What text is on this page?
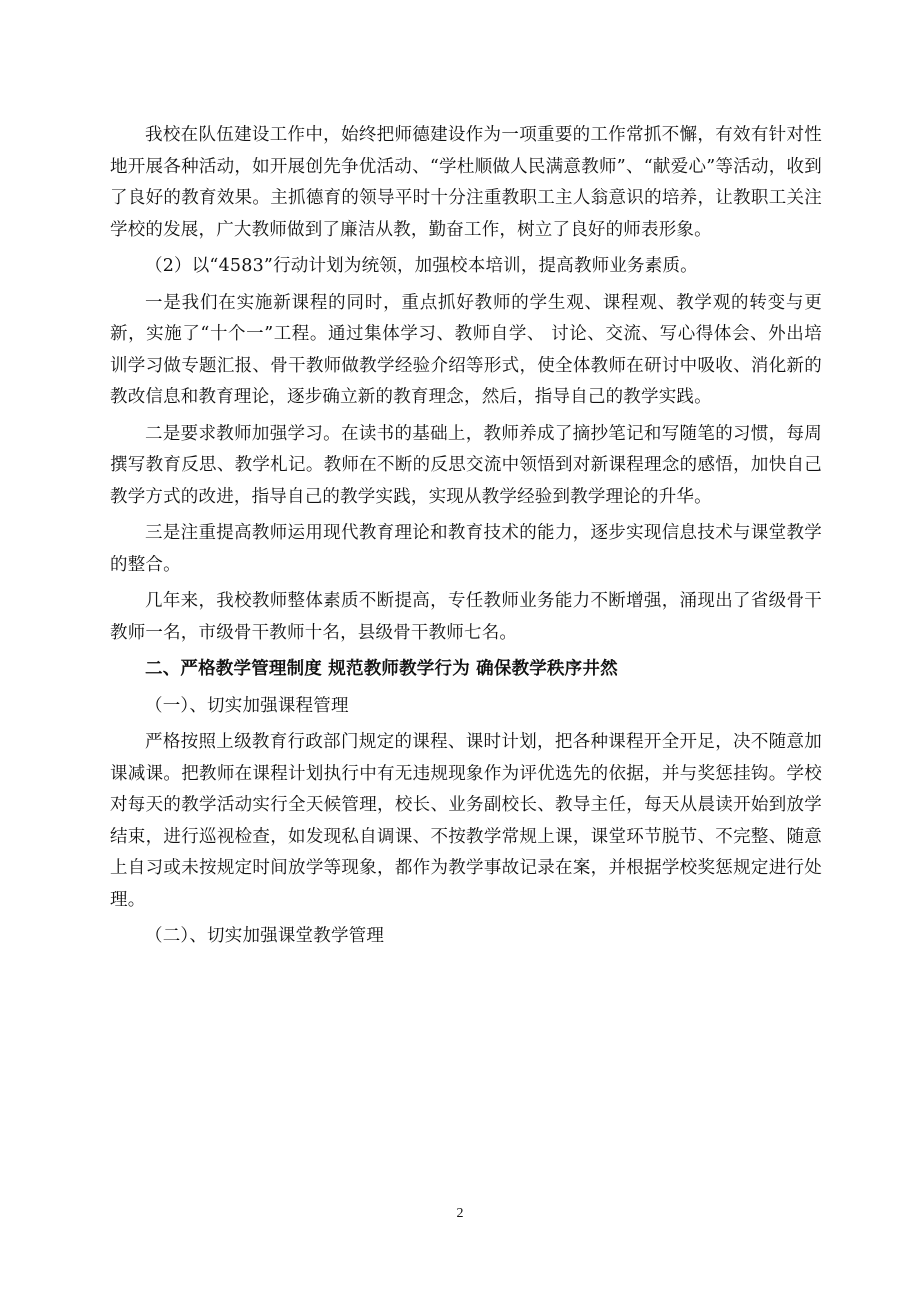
我校在队伍建设工作中，始终把师德建设作为一项重要的工作常抓不懈，有效有针对性地开展各种活动，如开展创先争优活动、“学杜顺做人民满意教师”、“献爱心”等活动，收到了良好的教育效果。主抓德育的领导平时十分注重教职工主人翁意识的培养，让教职工关注学校的发展，广大教师做到了廉洁从教，勤奋工作，树立了良好的师表形象。

（2）以“4583”行动计划为统领，加强校本培训，提高教师业务素质。

一是我们在实施新课程的同时，重点抓好教师的学生观、课程观、教学观的转变与更新，实施了“十个一”工程。通过集体学习、教师自学、 讨论、交流、写心得体会、外出培训学习做专题汇报、骨干教师做教学经验介绍等形式，使全体教师在研讨中吸收、消化新的教改信息和教育理论，逐步确立新的教育理念，然后，指导自己的教学实践。

二是要求教师加强学习。在读书的基础上，教师养成了摘抄笔记和写随笔的习惯，每周撰写教育反思、教学札记。教师在不断的反思交流中领悟到对新课程理念的感悟，加快自己教学方式的改进，指导自己的教学实践，实现从教学经验到教学理论的升华。

三是注重提高教师运用现代教育理论和教育技术的能力，逐步实现信息技术与课堂教学的整合。

几年来，我校教师整体素质不断提高，专任教师业务能力不断增强，涌现出了省级骨干教师一名，市级骨干教师十名，县级骨干教师七名。

二、严格教学管理制度 规范教师教学行为 确保教学秩序井然

（一）、切实加强课程管理

严格按照上级教育行政部门规定的课程、课时计划，把各种课程开全开足，决不随意加课减课。把教师在课程计划执行中有无违规现象作为评优选先的依据，并与奖惩挂钩。学校对每天的教学活动实行全天候管理，校长、业务副校长、教导主任，每天从晨读开始到放学结束，进行巡视检查，如发现私自调课、不按教学常规上课，课堂环节脱节、不完整、随意上自习或未按规定时间放学等现象，都作为教学事故记录在案，并根据学校奖惩规定进行处理。

（二）、切实加强课堂教学管理

2
